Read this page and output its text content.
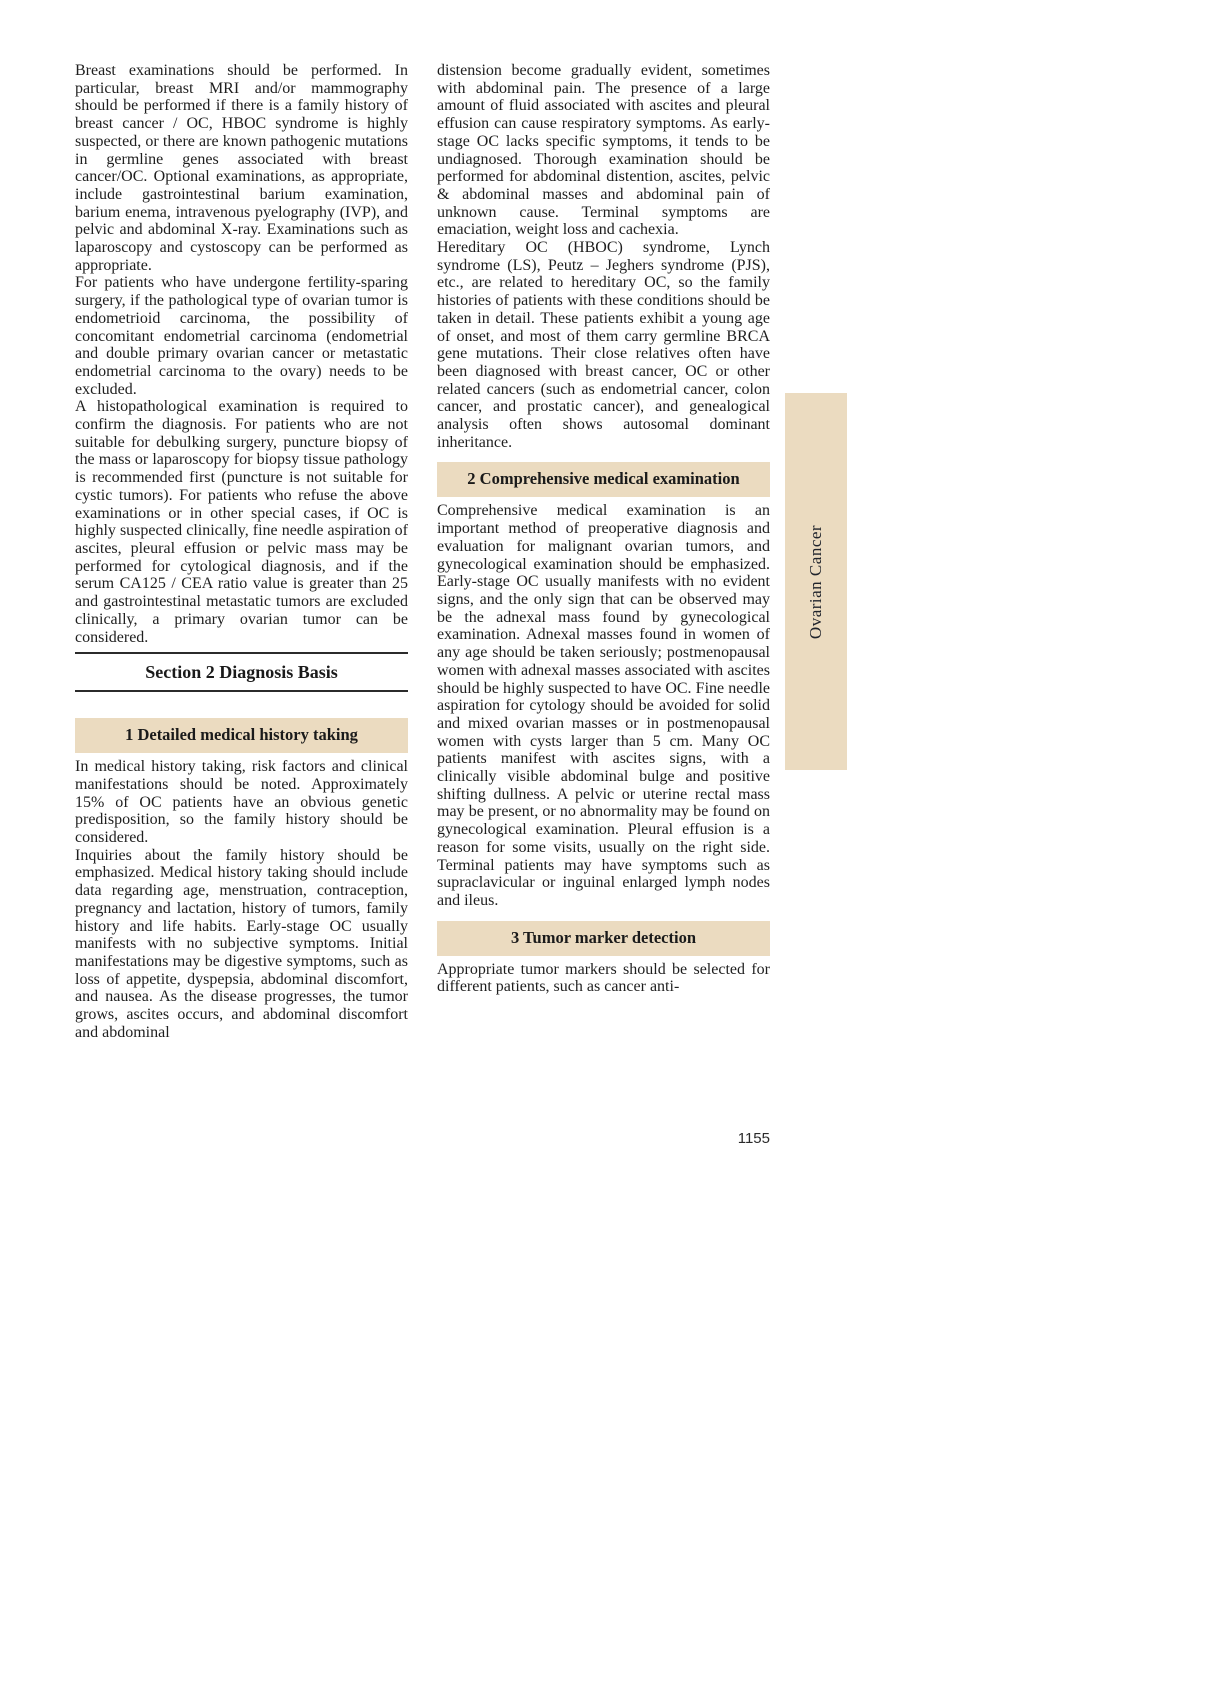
Breast examinations should be performed. In particular, breast MRI and/or mammography should be performed if there is a family history of breast cancer / OC, HBOC syndrome is highly suspected, or there are known pathogenic mutations in germline genes associated with breast cancer/OC. Optional examinations, as appropriate, include gastrointestinal barium examination, barium enema, intravenous pyelography (IVP), and pelvic and abdominal X-ray. Examinations such as laparoscopy and cystoscopy can be performed as appropriate.

For patients who have undergone fertility-sparing surgery, if the pathological type of ovarian tumor is endometrioid carcinoma, the possibility of concomitant endometrial carcinoma (endometrial and double primary ovarian cancer or metastatic endometrial carcinoma to the ovary) needs to be excluded.

A histopathological examination is required to confirm the diagnosis. For patients who are not suitable for debulking surgery, puncture biopsy of the mass or laparoscopy for biopsy tissue pathology is recommended first (puncture is not suitable for cystic tumors). For patients who refuse the above examinations or in other special cases, if OC is highly suspected clinically, fine needle aspiration of ascites, pleural effusion or pelvic mass may be performed for cytological diagnosis, and if the serum CA125 / CEA ratio value is greater than 25 and gastrointestinal metastatic tumors are excluded clinically, a primary ovarian tumor can be considered.

Section 2 Diagnosis Basis
1 Detailed medical history taking

In medical history taking, risk factors and clinical manifestations should be noted. Approximately 15% of OC patients have an obvious genetic predisposition, so the family history should be considered.

Inquiries about the family history should be emphasized. Medical history taking should include data regarding age, menstruation, contraception, pregnancy and lactation, history of tumors, family history and life habits. Early-stage OC usually manifests with no subjective symptoms. Initial manifestations may be digestive symptoms, such as loss of appetite, dyspepsia, abdominal discomfort, and nausea. As the disease progresses, the tumor grows, ascites occurs, and abdominal discomfort and abdominal

distension become gradually evident, sometimes with abdominal pain. The presence of a large amount of fluid associated with ascites and pleural effusion can cause respiratory symptoms. As early-stage OC lacks specific symptoms, it tends to be undiagnosed. Thorough examination should be performed for abdominal distention, ascites, pelvic & abdominal masses and abdominal pain of unknown cause. Terminal symptoms are emaciation, weight loss and cachexia.

Hereditary OC (HBOC) syndrome, Lynch syndrome (LS), Peutz – Jeghers syndrome (PJS), etc., are related to hereditary OC, so the family histories of patients with these conditions should be taken in detail. These patients exhibit a young age of onset, and most of them carry germline BRCA gene mutations. Their close relatives often have been diagnosed with breast cancer, OC or other related cancers (such as endometrial cancer, colon cancer, and prostatic cancer), and genealogical analysis often shows autosomal dominant inheritance.

2 Comprehensive medical examination

Comprehensive medical examination is an important method of preoperative diagnosis and evaluation for malignant ovarian tumors, and gynecological examination should be emphasized. Early-stage OC usually manifests with no evident signs, and the only sign that can be observed may be the adnexal mass found by gynecological examination. Adnexal masses found in women of any age should be taken seriously; postmenopausal women with adnexal masses associated with ascites should be highly suspected to have OC. Fine needle aspiration for cytology should be avoided for solid and mixed ovarian masses or in postmenopausal women with cysts larger than 5 cm. Many OC patients manifest with ascites signs, with a clinically visible abdominal bulge and positive shifting dullness. A pelvic or uterine rectal mass may be present, or no abnormality may be found on gynecological examination. Pleural effusion is a reason for some visits, usually on the right side. Terminal patients may have symptoms such as supraclavicular or inguinal enlarged lymph nodes and ileus.

3 Tumor marker detection

Appropriate tumor markers should be selected for different patients, such as cancer anti-

Ovarian Cancer
1155
